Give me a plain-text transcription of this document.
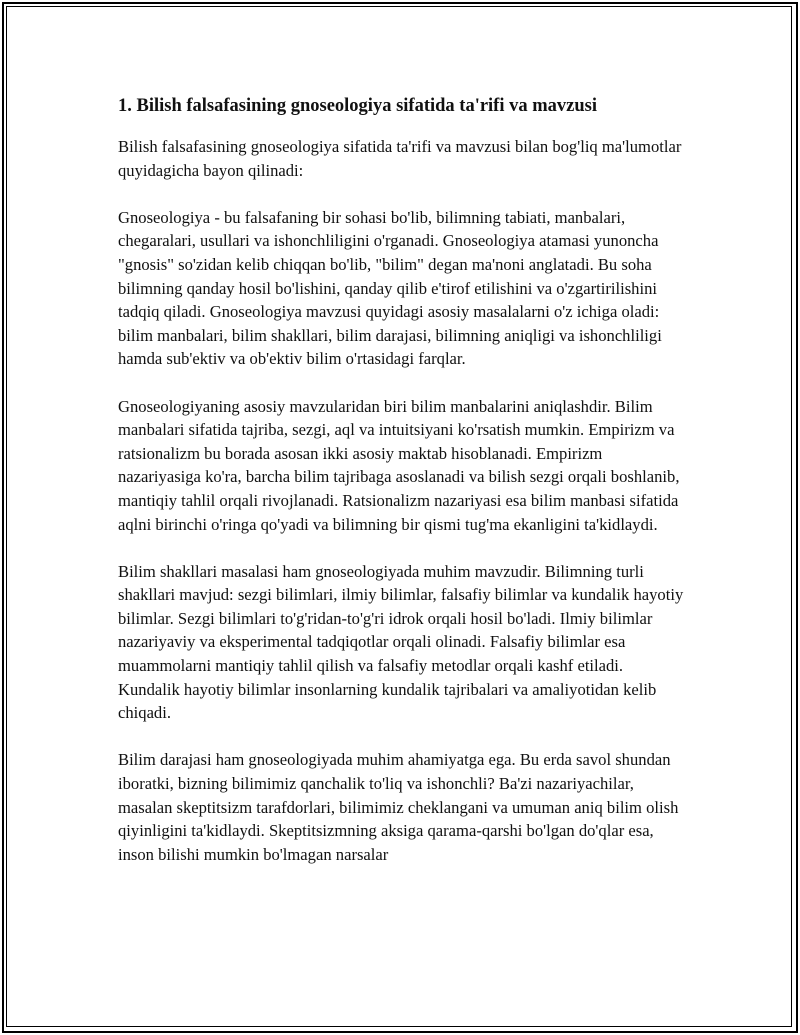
1. Bilish falsafasining gnoseologiya sifatida ta'rifi va mavzusi

Bilish falsafasining gnoseologiya sifatida ta'rifi va mavzusi bilan bog'liq ma'lumotlar quyidagicha bayon qilinadi:

Gnoseologiya - bu falsafaning bir sohasi bo'lib, bilimning tabiati, manbalari, chegaralari, usullari va ishonchliligini o'rganadi. Gnoseologiya atamasi yunoncha "gnosis" so'zidan kelib chiqqan bo'lib, "bilim" degan ma'noni anglatadi. Bu soha bilimning qanday hosil bo'lishini, qanday qilib e'tirof etilishini va o'zgartirilishini tadqiq qiladi. Gnoseologiya mavzusi quyidagi asosiy masalalarni o'z ichiga oladi: bilim manbalari, bilim shakllari, bilim darajasi, bilimning aniqligi va ishonchliligi hamda sub'ektiv va ob'ektiv bilim o'rtasidagi farqlar.

Gnoseologiyaning asosiy mavzularidan biri bilim manbalarini aniqlashdir. Bilim manbalari sifatida tajriba, sezgi, aql va intuitsiyani ko'rsatish mumkin. Empirizm va ratsionalizm bu borada asosan ikki asosiy maktab hisoblanadi. Empirizm nazariyasiga ko'ra, barcha bilim tajribaga asoslanadi va bilish sezgi orqali boshlanib, mantiqiy tahlil orqali rivojlanadi. Ratsionalizm nazariyasi esa bilim manbasi sifatida aqlni birinchi o'ringa qo'yadi va bilimning bir qismi tug'ma ekanligini ta'kidlaydi.

Bilim shakllari masalasi ham gnoseologiyada muhim mavzudir. Bilimning turli shakllari mavjud: sezgi bilimlari, ilmiy bilimlar, falsafiy bilimlar va kundalik hayotiy bilimlar. Sezgi bilimlari to'g'ridan-to'g'ri idrok orqali hosil bo'ladi. Ilmiy bilimlar nazariyaviy va eksperimental tadqiqotlar orqali olinadi. Falsafiy bilimlar esa muammolarni mantiqiy tahlil qilish va falsafiy metodlar orqali kashf etiladi. Kundalik hayotiy bilimlar insonlarning kundalik tajribalari va amaliyotidan kelib chiqadi.

Bilim darajasi ham gnoseologiyada muhim ahamiyatga ega. Bu erda savol shundan iboratki, bizning bilimimiz qanchalik to'liq va ishonchli? Ba'zi nazariyachilar, masalan skeptitsizm tarafdorlari, bilimimiz cheklangani va umuman aniq bilim olish qiyinligini ta'kidlaydi. Skeptitsizmning aksiga qarama-qarshi bo'lgan do'qlar esa, inson bilishi mumkin bo'lmagan narsalar
